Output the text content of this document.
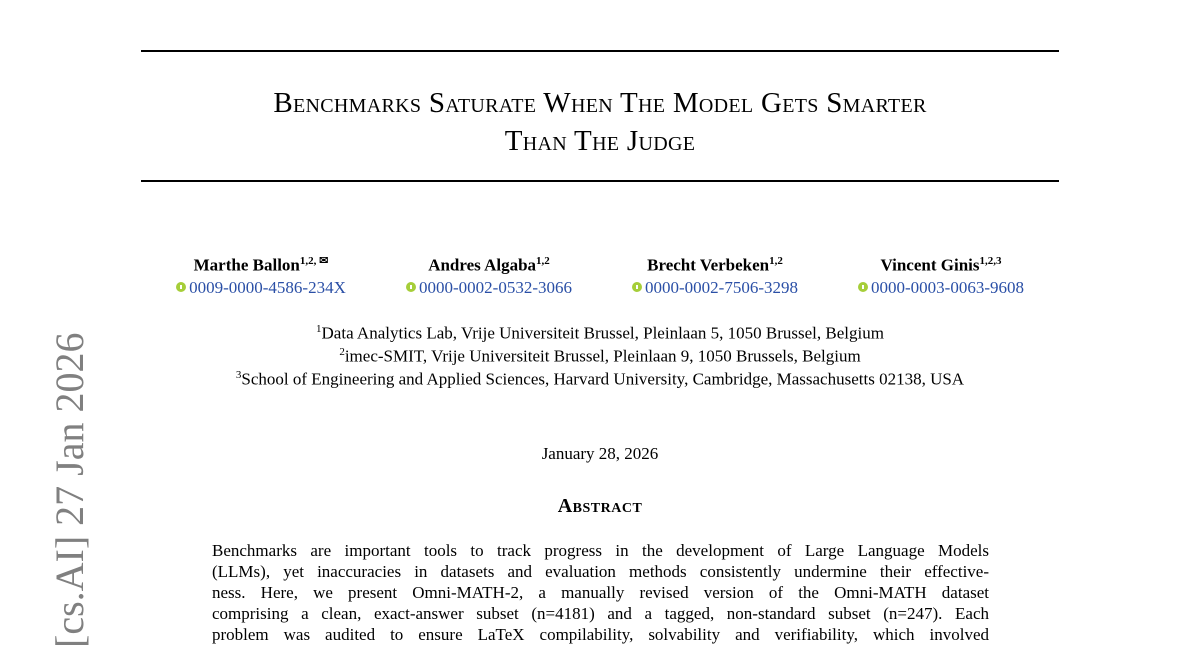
Benchmarks Saturate When The Model Gets Smarter
Than The Judge
Marthe Ballon$^{1,2, ✉}$
0009-0000-4586-234X
Andres Algaba$^{1,2}$
0000-0002-0532-3066
Brecht Verbeken$^{1,2}$
0000-0002-7506-3298
Vincent Ginis$^{1,2,3}$
0000-0003-0063-9608
$^1$Data Analytics Lab, Vrije Universiteit Brussel, Pleinlaan 5, 1050 Brussel, Belgium
$^2$imec-SMIT, Vrije Universiteit Brussel, Pleinlaan 9, 1050 Brussels, Belgium
$^3$School of Engineering and Applied Sciences, Harvard University, Cambridge, Massachusetts 02138, USA
January 28, 2026
Abstract
Benchmarks are important tools to track progress in the development of Large Language Models
(LLMs), yet inaccuracies in datasets and evaluation methods consistently undermine their effective-
ness. Here, we present Omni-MATH-2, a manually revised version of the Omni-MATH dataset
comprising a clean, exact-answer subset (n=4181) and a tagged, non-standard subset (n=247). Each
problem was audited to ensure LaTeX compilability, solvability and verifiability, which involved
[cs.AI] 27 Jan 2026
